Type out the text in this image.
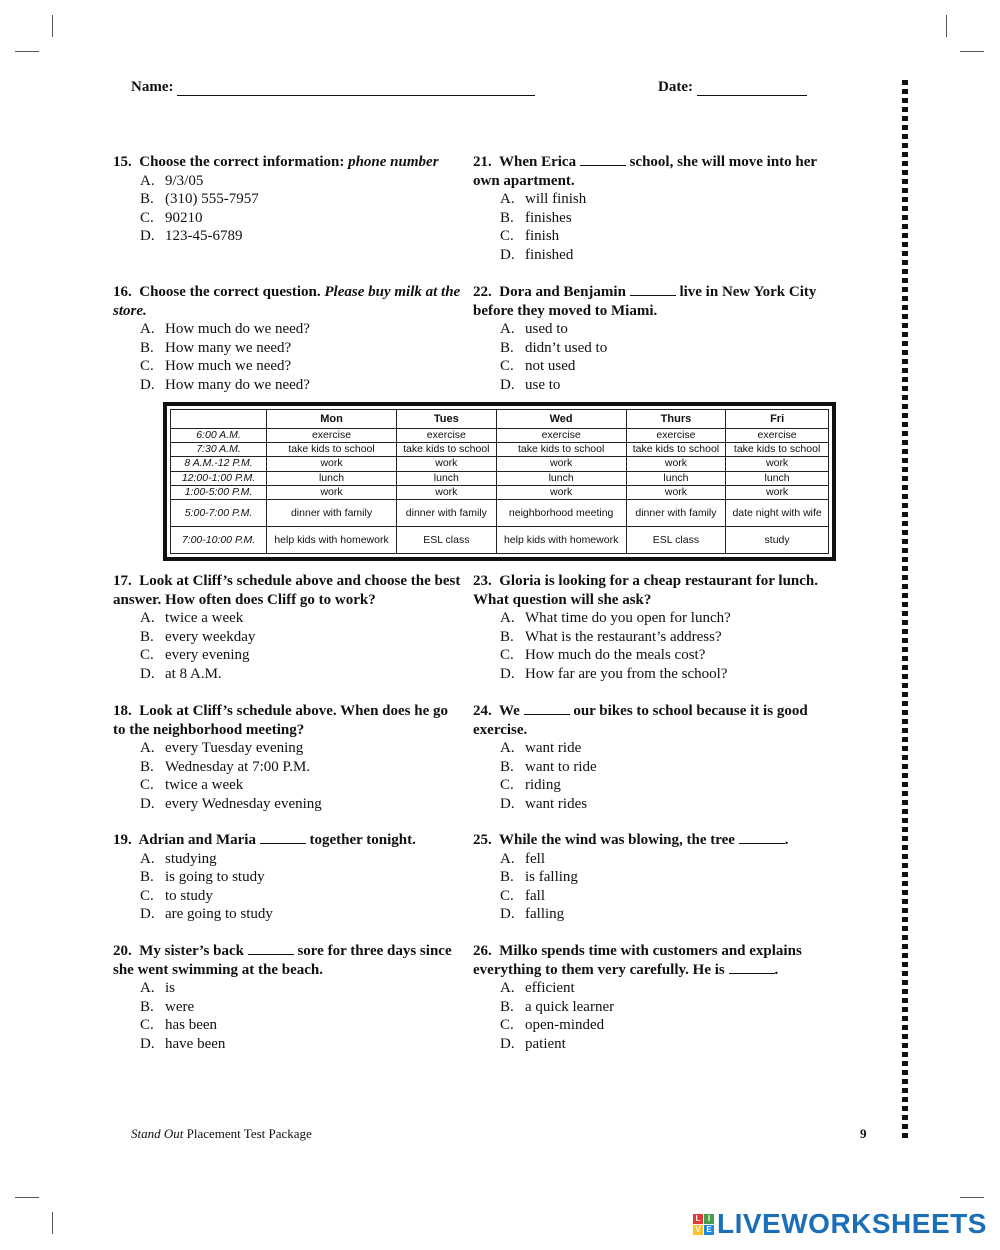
Name:	Date:
15. Choose the correct information: phone number
A. 9/3/05
B. (310) 555-7957
C. 90210
D. 123-45-6789
16. Choose the correct question. Please buy milk at the store.
A. How much do we need?
B. How many we need?
C. How much we need?
D. How many do we need?
17. Look at Cliff’s schedule above and choose the best answer. How often does Cliff go to work?
A. twice a week
B. every weekday
C. every evening
D. at 8 A.M.
18. Look at Cliff’s schedule above. When does he go to the neighborhood meeting?
A. every Tuesday evening
B. Wednesday at 7:00 P.M.
C. twice a week
D. every Wednesday evening
19. Adrian and Maria	together tonight.
A. studying
B. is going to study
C. to study
D. are going to study
20. My sister’s back	sore for three days since she went swimming at the beach.
A. is
B. were
C. has been
D. have been
21. When Erica	school, she will move into her own apartment.
A. will finish
B. finishes
C. finish
D. finished
22. Dora and Benjamin	live in New York City before they moved to Miami.
A. used to
B. didn’t used to
C. not used
D. use to
23. Gloria is looking for a cheap restaurant for lunch. What question will she ask?
A. What time do you open for lunch?
B. What is the restaurant’s address?
C. How much do the meals cost?
D. How far are you from the school?
24. We	our bikes to school because it is good exercise.
A. want ride
B. want to ride
C. riding
D. want rides
25. While the wind was blowing, the tree	.
A. fell
B. is falling
C. fall
D. falling
26. Milko spends time with customers and explains everything to them very carefully. He is	.
A. efficient
B. a quick learner
C. open-minded
D. patient
	Mon	Tues	Wed	Thurs	Fri
6:00 A.M.	exercise	exercise	exercise	exercise	exercise
7:30 A.M.	take kids to school	take kids to school	take kids to school	take kids to school	take kids to school
8 A.M.-12 P.M.	work	work	work	work	work
12:00-1:00 P.M.	lunch	lunch	lunch	lunch	lunch
1:00-5:00 P.M.	work	work	work	work	work
5:00-7:00 P.M.	dinner with family	dinner with family	neighborhood meeting	dinner with family	date night with wife
7:00-10:00 P.M.	help kids with homework	ESL class	help kids with homework	ESL class	study
Stand Out Placement Test Package	9
L I
V E LIVEWORKSHEETS
